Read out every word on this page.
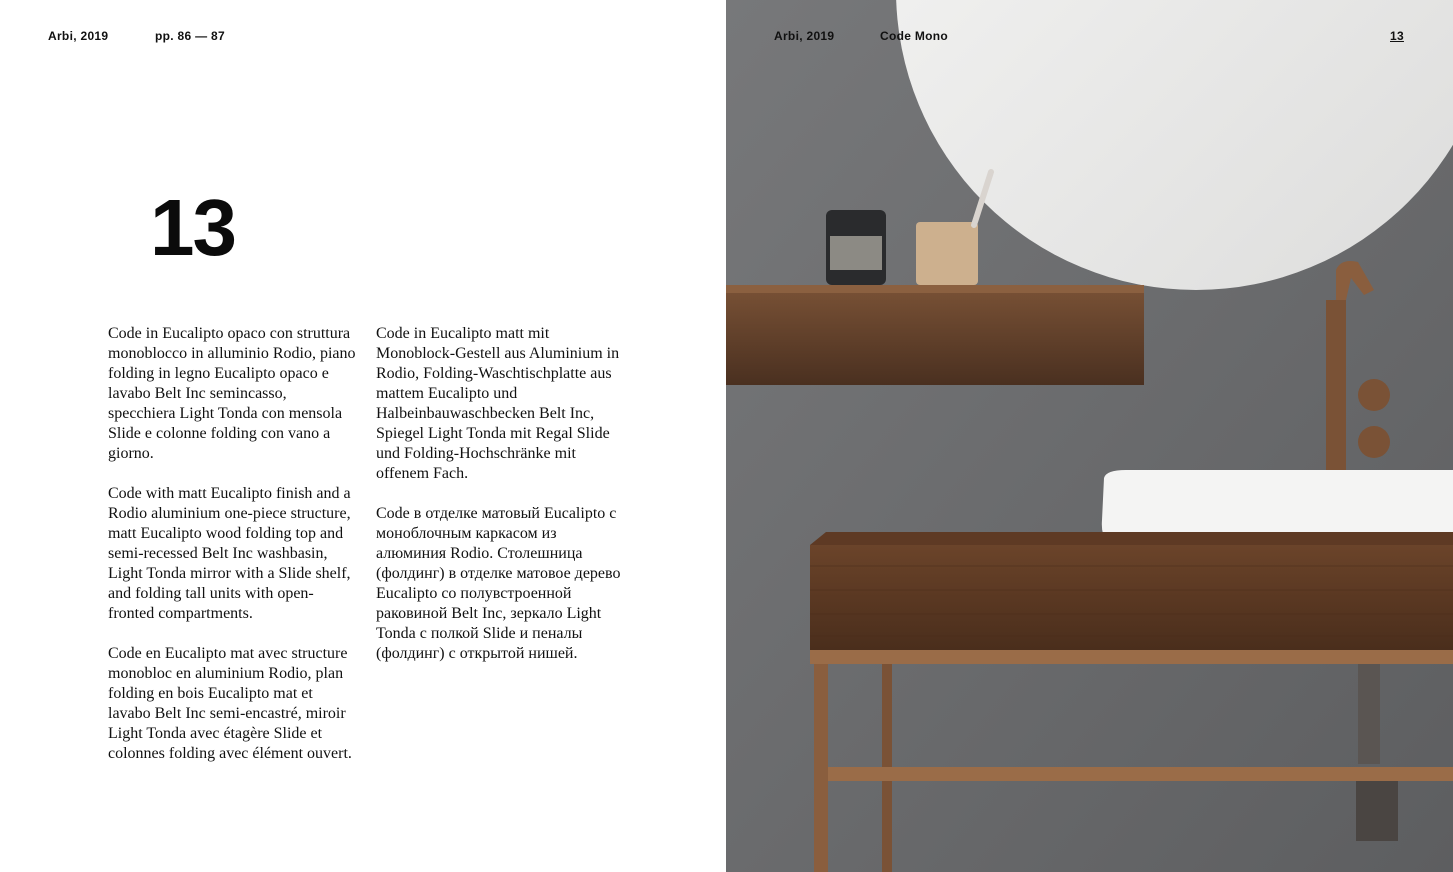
Arbi, 2019	pp. 86 — 87
13

Code in Eucalipto opaco con struttura monoblocco in alluminio Rodio, piano folding in legno Eucalipto opaco e lavabo Belt Inc semincasso, specchiera Light Tonda con mensola Slide e colonne folding con vano a giorno.

Code with matt Eucalipto finish and a Rodio aluminium one-piece structure, matt Eucalipto wood folding top and semi-recessed Belt Inc washbasin, Light Tonda mirror with a Slide shelf, and folding tall units with open-fronted compartments.

Code en Eucalipto mat avec structure monobloc en aluminium Rodio, plan folding en bois Eucalipto mat et lavabo Belt Inc semi-encastré, miroir Light Tonda avec étagère Slide et colonnes folding avec élément ouvert.

Code in Eucalipto matt mit Monoblock-Gestell aus Aluminium in Rodio, Folding-Waschtischplatte aus mattem Eucalipto und Halbeinbauwaschbecken Belt Inc, Spiegel Light Tonda mit Regal Slide und Folding-Hochschränke mit offenem Fach.

Code в отделке матовый Eucalipto с моноблочным каркасом из алюминия Rodio. Столешница (фолдинг) в отделке матовое дерево Eucalipto со полувстроенной раковиной Belt Inc, зеркало Light Tonda с полкой Slide и пеналы (фолдинг) с открытой нишей.

Arbi, 2019	Code Mono	13
